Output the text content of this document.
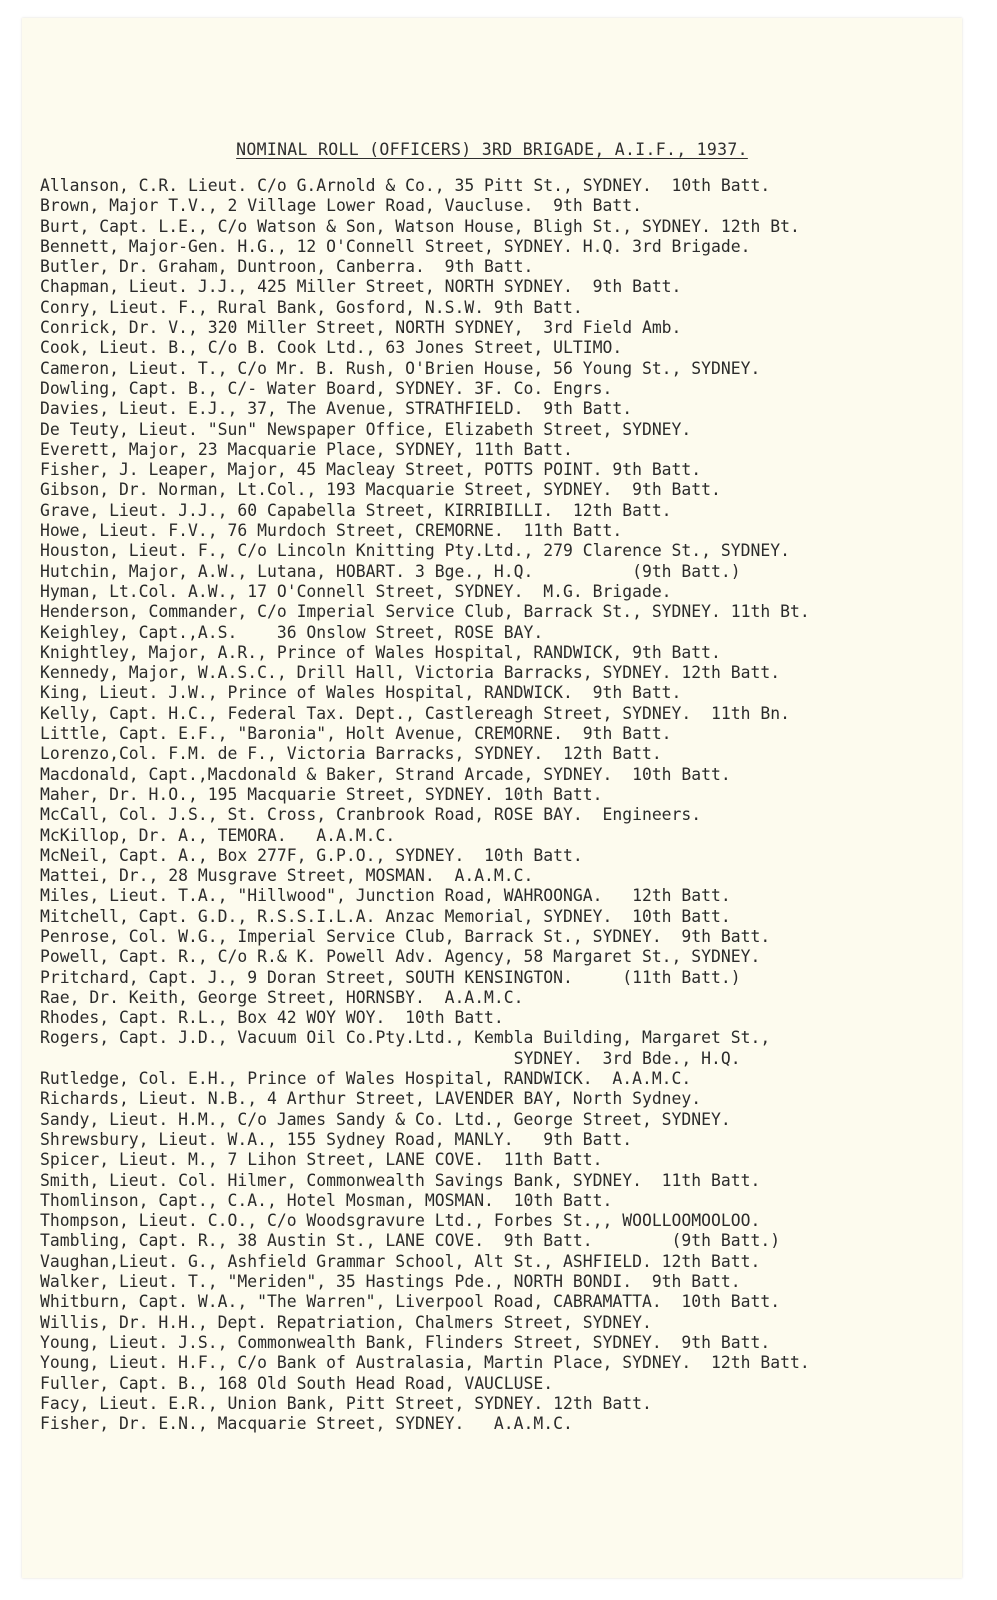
NOMINAL ROLL (OFFICERS) 3RD BRIGADE, A.I.F., 1937.
Allanson, C.R. Lieut. C/o G.Arnold & Co., 35 Pitt St., SYDNEY.  10th Batt.
Brown, Major T.V., 2 Village Lower Road, Vaucluse.  9th Batt.
Burt, Capt. L.E., C/o Watson & Son, Watson House, Bligh St., SYDNEY. 12th Bt.
Bennett, Major-Gen. H.G., 12 O'Connell Street, SYDNEY. H.Q. 3rd Brigade.
Butler, Dr. Graham, Duntroon, Canberra.  9th Batt.
Chapman, Lieut. J.J., 425 Miller Street, NORTH SYDNEY.  9th Batt.
Conry, Lieut. F., Rural Bank, Gosford, N.S.W. 9th Batt.
Conrick, Dr. V., 320 Miller Street, NORTH SYDNEY,  3rd Field Amb.
Cook, Lieut. B., C/o B. Cook Ltd., 63 Jones Street, ULTIMO.
Cameron, Lieut. T., C/o Mr. B. Rush, O'Brien House, 56 Young St., SYDNEY.
Dowling, Capt. B., C/- Water Board, SYDNEY. 3F. Co. Engrs.
Davies, Lieut. E.J., 37, The Avenue, STRATHFIELD.  9th Batt.
De Teuty, Lieut. "Sun" Newspaper Office, Elizabeth Street, SYDNEY.
Everett, Major, 23 Macquarie Place, SYDNEY, 11th Batt.
Fisher, J. Leaper, Major, 45 Macleay Street, POTTS POINT. 9th Batt.
Gibson, Dr. Norman, Lt.Col., 193 Macquarie Street, SYDNEY.  9th Batt.
Grave, Lieut. J.J., 60 Capabella Street, KIRRIBILLI.  12th Batt.
Howe, Lieut. F.V., 76 Murdoch Street, CREMORNE.  11th Batt.
Houston, Lieut. F., C/o Lincoln Knitting Pty.Ltd., 279 Clarence St., SYDNEY.
Hutchin, Major, A.W., Lutana, HOBART. 3 Bge., H.Q.          (9th Batt.)
Hyman, Lt.Col. A.W., 17 O'Connell Street, SYDNEY.  M.G. Brigade.
Henderson, Commander, C/o Imperial Service Club, Barrack St., SYDNEY. 11th Bt.
Keighley, Capt.,A.S.    36 Onslow Street, ROSE BAY.
Knightley, Major, A.R., Prince of Wales Hospital, RANDWICK, 9th Batt.
Kennedy, Major, W.A.S.C., Drill Hall, Victoria Barracks, SYDNEY. 12th Batt.
King, Lieut. J.W., Prince of Wales Hospital, RANDWICK.  9th Batt.
Kelly, Capt. H.C., Federal Tax. Dept., Castlereagh Street, SYDNEY.  11th Bn.
Little, Capt. E.F., "Baronia", Holt Avenue, CREMORNE.  9th Batt.
Lorenzo,Col. F.M. de F., Victoria Barracks, SYDNEY.  12th Batt.
Macdonald, Capt.,Macdonald & Baker, Strand Arcade, SYDNEY.  10th Batt.
Maher, Dr. H.O., 195 Macquarie Street, SYDNEY. 10th Batt.
McCall, Col. J.S., St. Cross, Cranbrook Road, ROSE BAY.  Engineers.
McKillop, Dr. A., TEMORA.   A.A.M.C.
McNeil, Capt. A., Box 277F, G.P.O., SYDNEY.  10th Batt.
Mattei, Dr., 28 Musgrave Street, MOSMAN.  A.A.M.C.
Miles, Lieut. T.A., "Hillwood", Junction Road, WAHROONGA.   12th Batt.
Mitchell, Capt. G.D., R.S.S.I.L.A. Anzac Memorial, SYDNEY.  10th Batt.
Penrose, Col. W.G., Imperial Service Club, Barrack St., SYDNEY.  9th Batt.
Powell, Capt. R., C/o R.& K. Powell Adv. Agency, 58 Margaret St., SYDNEY.
Pritchard, Capt. J., 9 Doran Street, SOUTH KENSINGTON.     (11th Batt.)
Rae, Dr. Keith, George Street, HORNSBY.  A.A.M.C.
Rhodes, Capt. R.L., Box 42 WOY WOY.  10th Batt.
Rogers, Capt. J.D., Vacuum Oil Co.Pty.Ltd., Kembla Building, Margaret St.,
SYDNEY.  3rd Bde., H.Q.
Rutledge, Col. E.H., Prince of Wales Hospital, RANDWICK.  A.A.M.C.
Richards, Lieut. N.B., 4 Arthur Street, LAVENDER BAY, North Sydney.
Sandy, Lieut. H.M., C/o James Sandy & Co. Ltd., George Street, SYDNEY.
Shrewsbury, Lieut. W.A., 155 Sydney Road, MANLY.   9th Batt.
Spicer, Lieut. M., 7 Lihon Street, LANE COVE.  11th Batt.
Smith, Lieut. Col. Hilmer, Commonwealth Savings Bank, SYDNEY.  11th Batt.
Thomlinson, Capt., C.A., Hotel Mosman, MOSMAN.  10th Batt.
Thompson, Lieut. C.O., C/o Woodsgravure Ltd., Forbes St.,, WOOLLOOMOOLOO.
Tambling, Capt. R., 38 Austin St., LANE COVE.  9th Batt.        (9th Batt.)
Vaughan,Lieut. G., Ashfield Grammar School, Alt St., ASHFIELD. 12th Batt.
Walker, Lieut. T., "Meriden", 35 Hastings Pde., NORTH BONDI.  9th Batt.
Whitburn, Capt. W.A., "The Warren", Liverpool Road, CABRAMATTA.  10th Batt.
Willis, Dr. H.H., Dept. Repatriation, Chalmers Street, SYDNEY.
Young, Lieut. J.S., Commonwealth Bank, Flinders Street, SYDNEY.  9th Batt.
Young, Lieut. H.F., C/o Bank of Australasia, Martin Place, SYDNEY.  12th Batt.
Fuller, Capt. B., 168 Old South Head Road, VAUCLUSE.
Facy, Lieut. E.R., Union Bank, Pitt Street, SYDNEY. 12th Batt.
Fisher, Dr. E.N., Macquarie Street, SYDNEY.   A.A.M.C.
